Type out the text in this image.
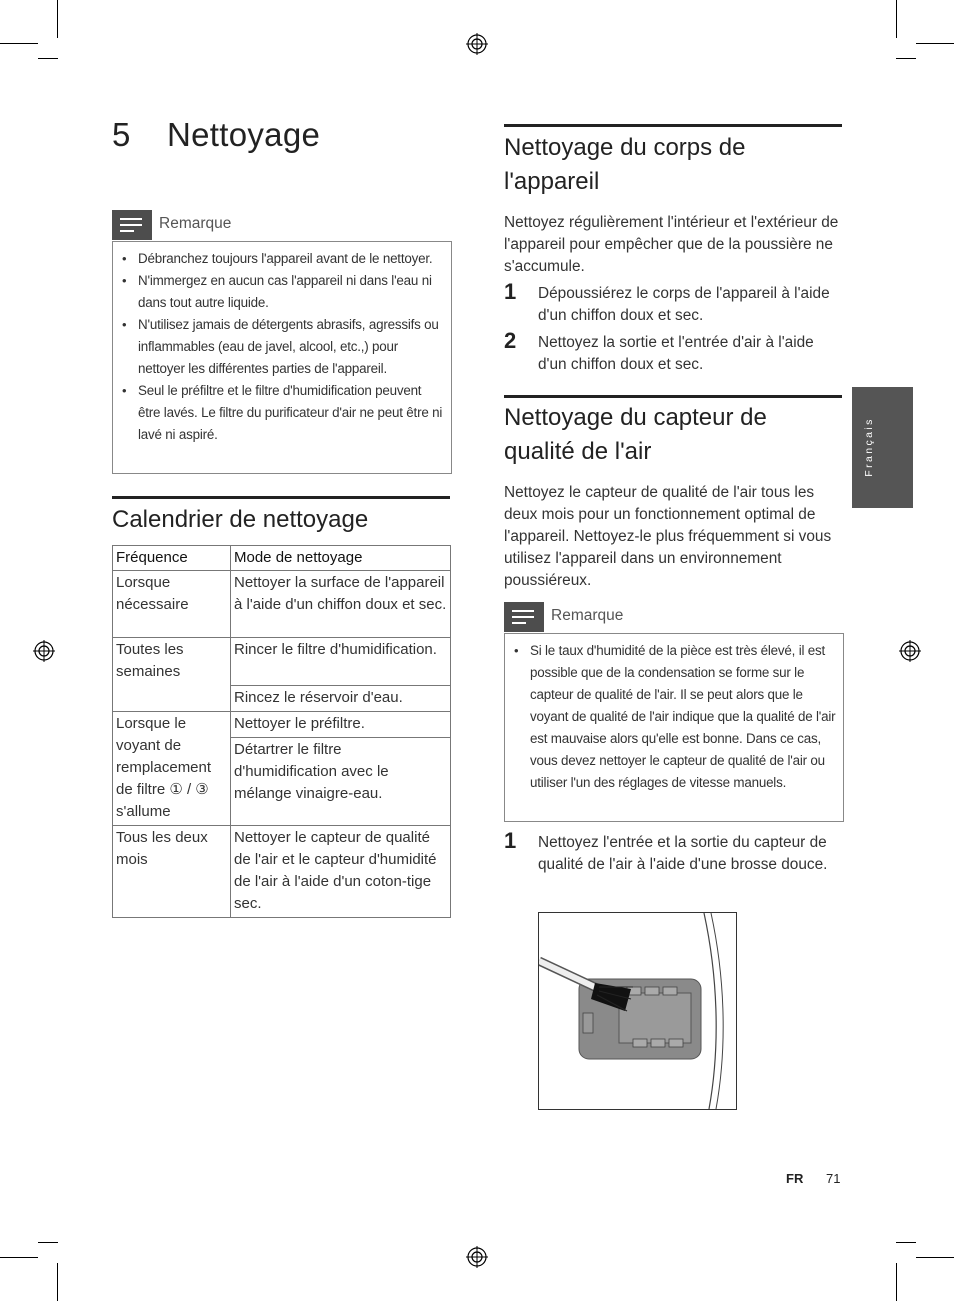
5 Nettoyage
Remarque
• Débranchez toujours l'appareil avant de le nettoyer.
• N'immergez en aucun cas l'appareil ni dans l'eau ni dans tout autre liquide.
• N'utilisez jamais de détergents abrasifs, agressifs ou inflammables (eau de javel, alcool, etc.,) pour nettoyer les différentes parties de l'appareil.
• Seul le préfiltre et le filtre d'humidification peuvent être lavés. Le filtre du purificateur d'air ne peut être ni lavé ni aspiré.
Calendrier de nettoyage
Fréquence	Mode de nettoyage
Lorsque nécessaire	Nettoyer la surface de l'appareil à l'aide d'un chiffon doux et sec.
Toutes les semaines	Rincer le filtre d'humidification.
	Rincez le réservoir d'eau.
Lorsque le voyant de remplacement de filtre ① / ③ s'allume	Nettoyer le préfiltre.
	Détartrer le filtre d'humidification avec le mélange vinaigre-eau.
Tous les deux mois	Nettoyer le capteur de qualité de l'air et le capteur d'humidité de l'air à l'aide d'un coton-tige sec.
Nettoyage du corps de l'appareil
Nettoyez régulièrement l'intérieur et l'extérieur de l'appareil pour empêcher que de la poussière ne s'accumule.
1 Dépoussiérez le corps de l'appareil à l'aide d'un chiffon doux et sec.
2 Nettoyez la sortie et l'entrée d'air à l'aide d'un chiffon doux et sec.
Nettoyage du capteur de qualité de l'air
Nettoyez le capteur de qualité de l'air tous les deux mois pour un fonctionnement optimal de l'appareil. Nettoyez-le plus fréquemment si vous utilisez l'appareil dans un environnement poussiéreux.
Remarque
• Si le taux d'humidité de la pièce est très élevé, il est possible que de la condensation se forme sur le capteur de qualité de l'air. Il se peut alors que le voyant de qualité de l'air indique que la qualité de l'air est mauvaise alors qu'elle est bonne. Dans ce cas, vous devez nettoyer le capteur de qualité de l'air ou utiliser l'un des réglages de vitesse manuels.
1 Nettoyez l'entrée et la sortie du capteur de qualité de l'air à l'aide d'une brosse douce.
Français
FR 71
